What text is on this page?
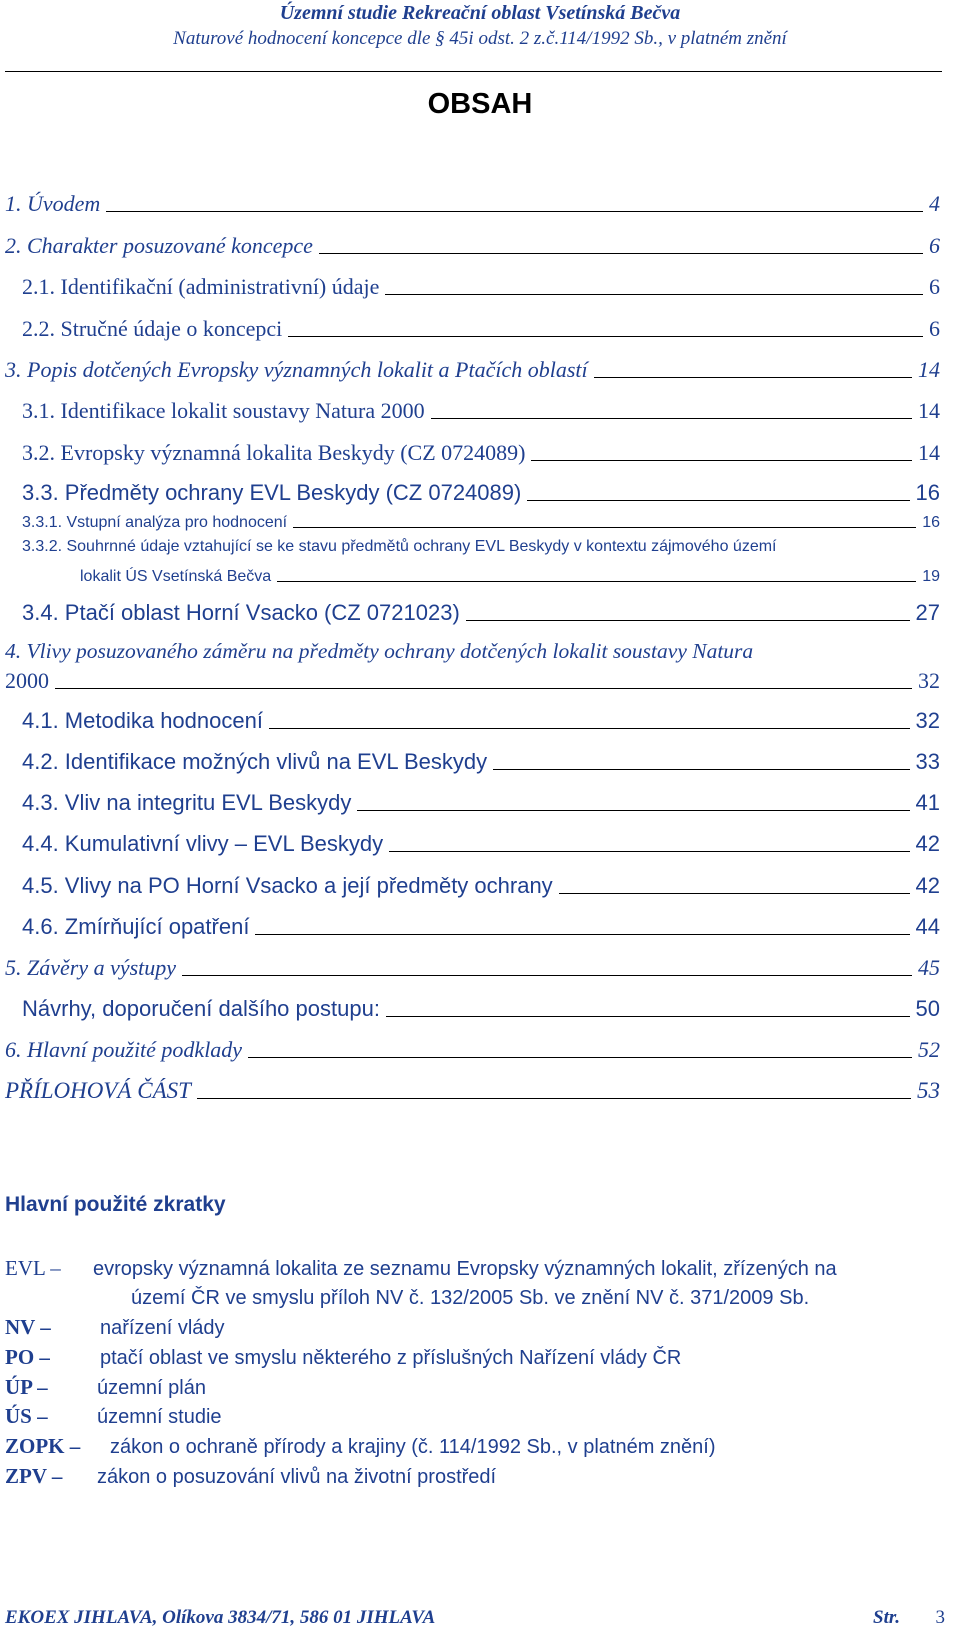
Územní studie Rekreační oblast Vsetínská Bečva
Naturové hodnocení koncepce dle § 45i odst. 2 z.č.114/1992 Sb., v platném znění
OBSAH
1. Úvodem	4
2. Charakter posuzované koncepce	6
2.1. Identifikační (administrativní) údaje	6
2.2. Stručné údaje o koncepci	6
3. Popis dotčených Evropsky významných lokalit a Ptačích oblastí	14
3.1. Identifikace lokalit soustavy Natura 2000	14
3.2. Evropsky významná lokalita Beskydy (CZ 0724089)	14
3.3. Předměty ochrany EVL Beskydy (CZ 0724089)	16
3.3.1. Vstupní analýza pro hodnocení	16
3.3.2. Souhrnné údaje vztahující se ke stavu předmětů ochrany EVL Beskydy v kontextu zájmového území
lokalit ÚS Vsetínská Bečva	19
3.4. Ptačí oblast Horní Vsacko (CZ 0721023)	27
4. Vlivy posuzovaného záměru na předměty ochrany dotčených lokalit soustavy Natura
2000	32
4.1. Metodika hodnocení	32
4.2. Identifikace možných vlivů na EVL Beskydy	33
4.3. Vliv na integritu EVL Beskydy	41
4.4. Kumulativní vlivy – EVL Beskydy	42
4.5. Vlivy na PO Horní Vsacko a její předměty ochrany	42
4.6. Zmírňující opatření	44
5. Závěry a výstupy	45
Návrhy, doporučení dalšího postupu:	50
6. Hlavní použité podklady	52
PŘÍLOHOVÁ ČÁST	53
Hlavní použité zkratky
EVL – evropsky významná lokalita ze seznamu Evropsky významných lokalit, zřízených na
území ČR ve smyslu příloh NV č. 132/2005 Sb. ve znění NV č. 371/2009 Sb.
NV – nařízení vlády
PO –	ptačí oblast ve smyslu některého z příslušných Nařízení vlády ČR
ÚP – územní plán
ÚS – územní studie
ZOPK – zákon o ochraně přírody a krajiny (č. 114/1992 Sb., v platném znění)
ZPV – zákon o posuzování vlivů na životní prostředí
EKOEX JIHLAVA, Olíkova 3834/71, 586 01 JIHLAVA	Str. 3
